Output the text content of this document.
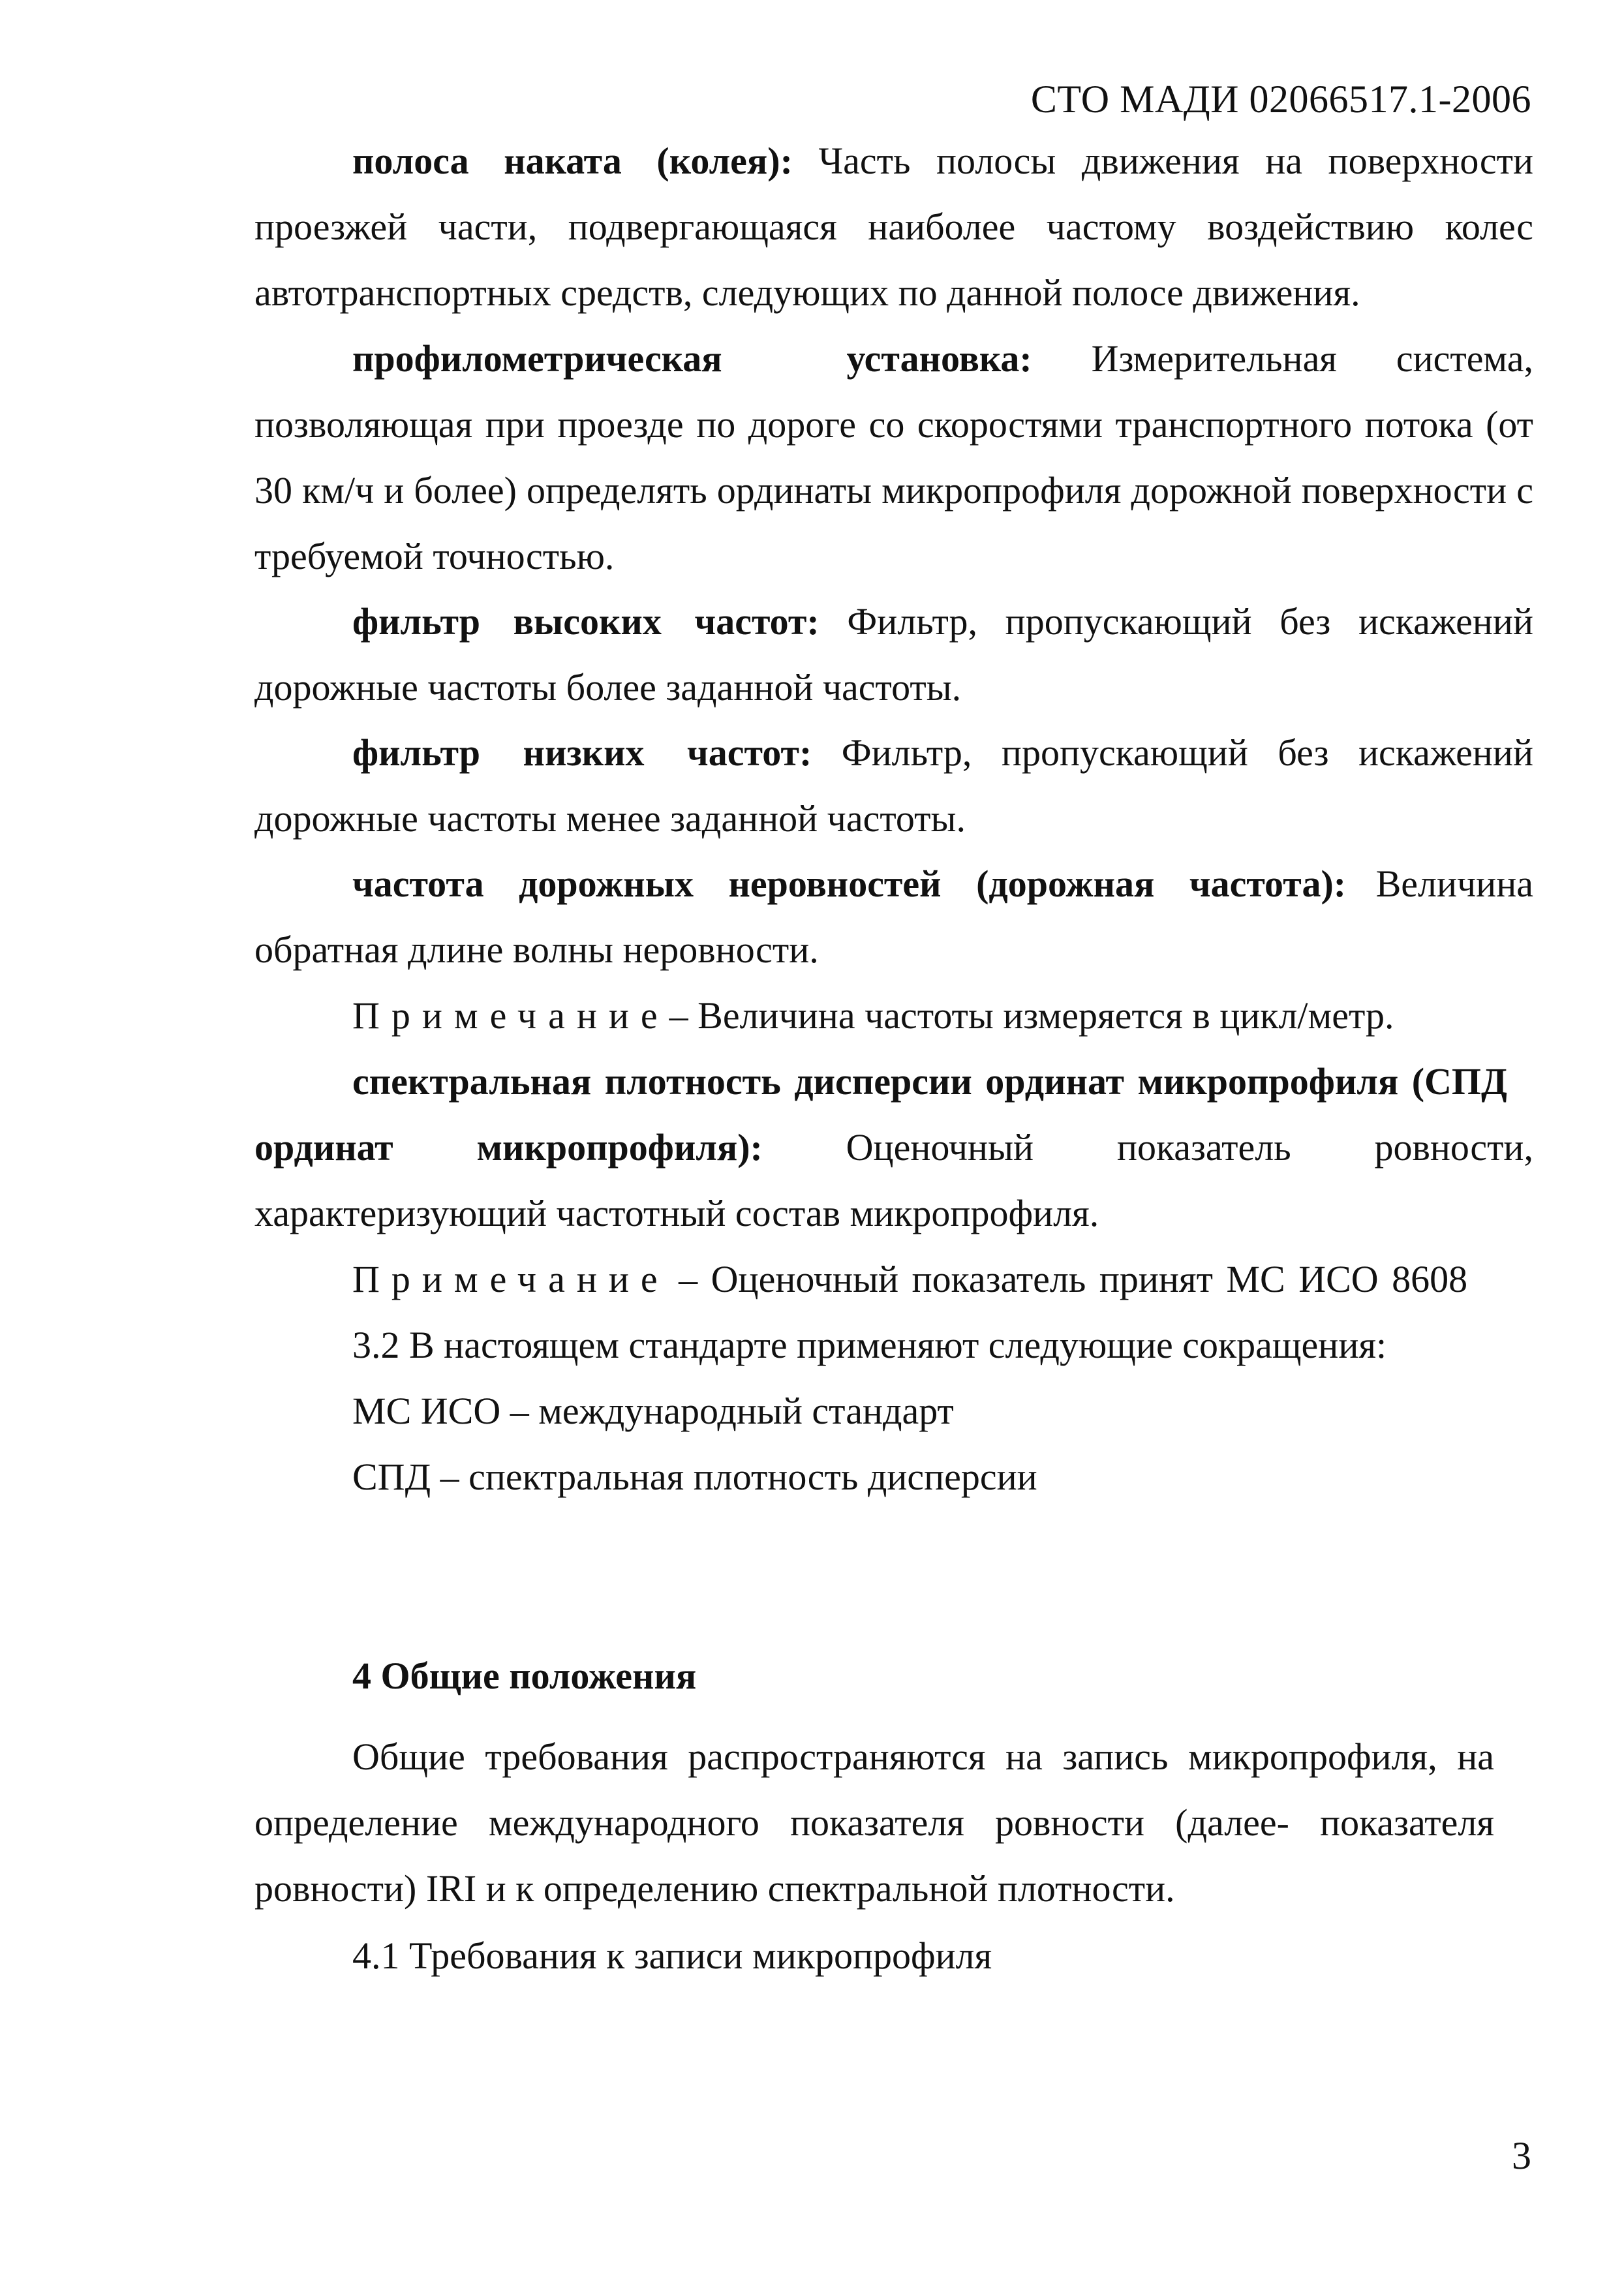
СТО МАДИ 02066517.1-2006
полоса наката (колея): Часть полосы движения на поверхности проезжей части, подвергающаяся наиболее частому воздействию колес автотранспортных средств, следующих по данной полосе движения.
профилометрическая установка: Измерительная система, позволяющая при проезде по дороге со скоростями транспортного потока (от 30 км/ч и более) определять ординаты микропрофиля дорожной поверхности с требуемой точностью.
фильтр высоких частот: Фильтр, пропускающий без искажений дорожные частоты более заданной частоты.
фильтр низких частот: Фильтр, пропускающий без искажений дорожные частоты менее заданной частоты.
частота дорожных неровностей (дорожная частота): Величина обратная длине волны неровности.
Примечание– Величина частоты измеряется в цикл/метр.
спектральная плотность дисперсии ординат микропрофиля (СПД
ординат микропрофиля): Оценочный показатель ровности,
характеризующий частотный состав микропрофиля.
Примечание – Оценочный показатель принят МС ИСО 8608
3.2 В настоящем стандарте применяют следующие сокращения:
МС ИСО – международный стандарт
СПД – спектральная плотность дисперсии
4 Общие положения
Общие требования распространяются на запись микропрофиля, на определение международного показателя ровности (далее- показателя ровности) IRI и к определению спектральной плотности.
4.1 Требования к записи микропрофиля
3
